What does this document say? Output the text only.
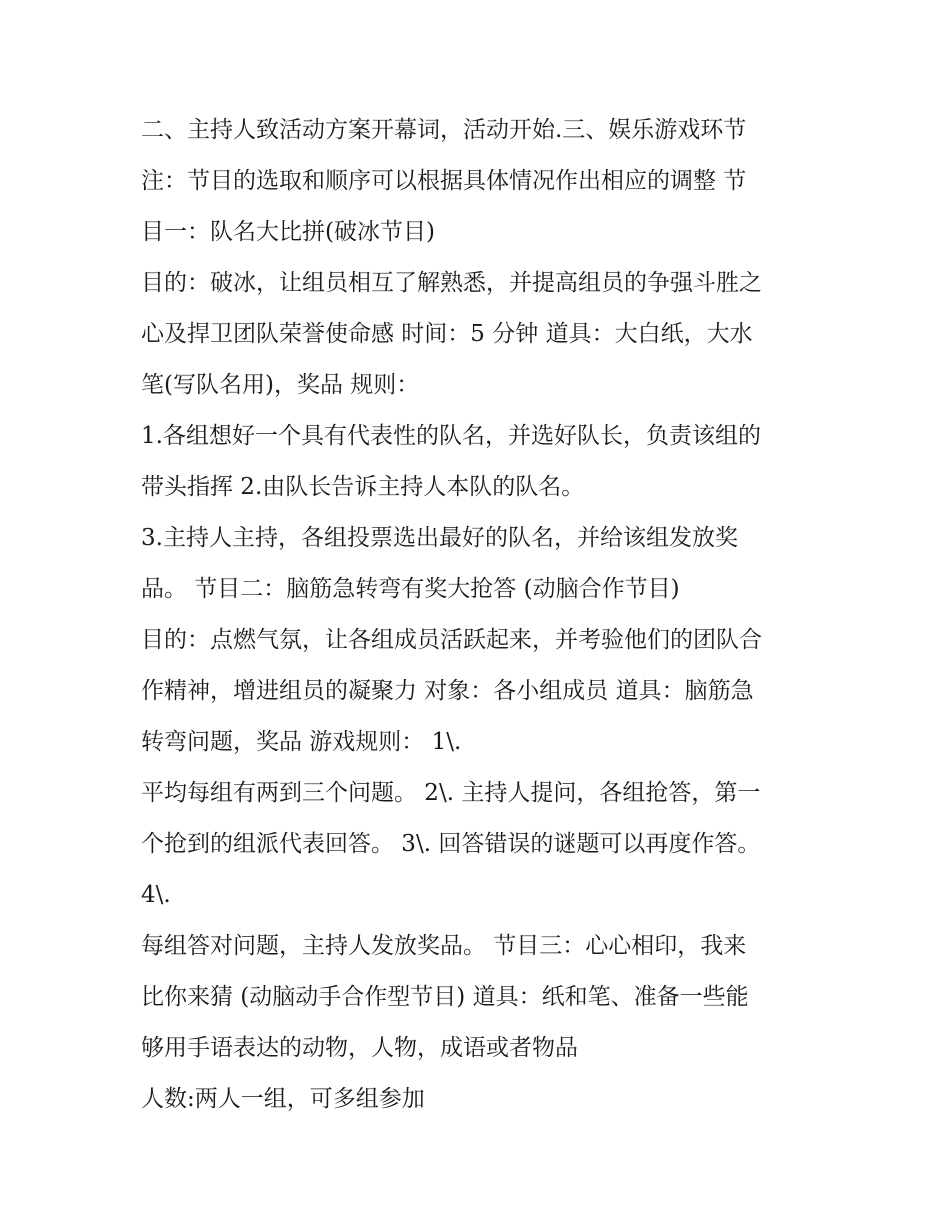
二、主持人致活动方案开幕词，活动开始.三、娱乐游戏环节
注：节目的选取和顺序可以根据具体情况作出相应的调整 节
目一：队名大比拼(破冰节目)
目的：破冰，让组员相互了解熟悉，并提高组员的争强斗胜之
心及捍卫团队荣誉使命感 时间：5 分钟 道具：大白纸，大水
笔(写队名用)，奖品 规则：
1.各组想好一个具有代表性的队名，并选好队长，负责该组的
带头指挥 2.由队长告诉主持人本队的队名。
3.主持人主持，各组投票选出最好的队名，并给该组发放奖
品。 节目二：脑筋急转弯有奖大抢答 (动脑合作节目)
目的：点燃气氛，让各组成员活跃起来，并考验他们的团队合
作精神，增进组员的凝聚力 对象：各小组成员 道具：脑筋急
转弯问题，奖品 游戏规则： 1\.
平均每组有两到三个问题。 2\. 主持人提问，各组抢答，第一
个抢到的组派代表回答。 3\. 回答错误的谜题可以再度作答。
4\.
每组答对问题，主持人发放奖品。 节目三：心心相印，我来
比你来猜 (动脑动手合作型节目) 道具：纸和笔、准备一些能
够用手语表达的动物，人物，成语或者物品
人数:两人一组，可多组参加
